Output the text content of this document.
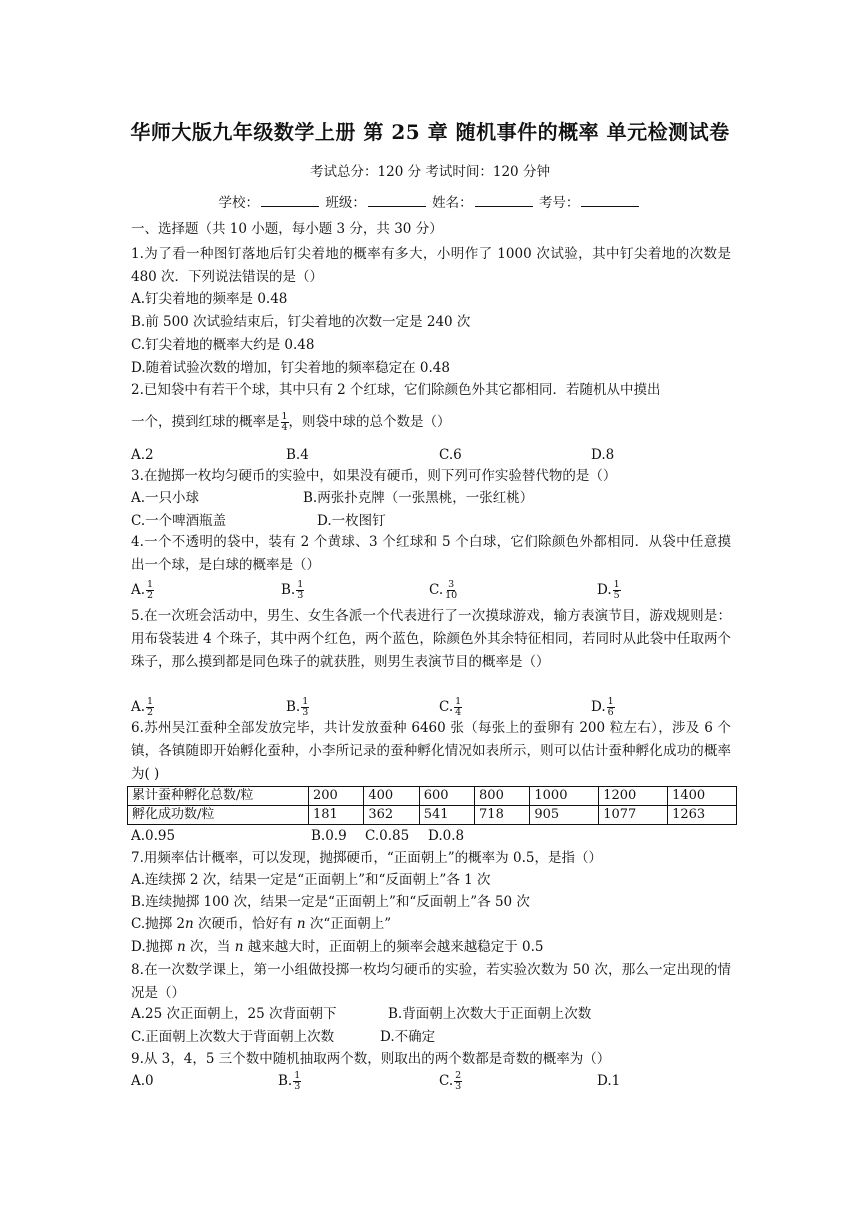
华师大版九年级数学上册 第 25 章 随机事件的概率 单元检测试卷
考试总分：120 分 考试时间：120 分钟
学校：	班级：	姓名：	考号：
一、选择题（共 10 小题，每小题 3 分，共 30 分）
1.为了看一种图钉落地后钉尖着地的概率有多大，小明作了 1000 次试验，其中钉尖着地的次数是 480 次．下列说法错误的是（）
A.钉尖着地的频率是 0.48
B.前 500 次试验结束后，钉尖着地的次数一定是 240 次
C.钉尖着地的概率大约是 0.48
D.随着试验次数的增加，钉尖着地的频率稳定在 0.48
2.已知袋中有若干个球，其中只有 2 个红球，它们除颜色外其它都相同．若随机从中摸出
一个，摸到红球的概率是 $\frac{1}{4}$ ，则袋中球的总个数是（）
A.2	B.4	C.6	D.8
3.在抛掷一枚均匀硬币的实验中，如果没有硬币，则下列可作实验替代物的是（）
A.一只小球	B.两张扑克牌（一张黑桃，一张红桃）
C.一个啤酒瓶盖	D.一枚图钉
4.一个不透明的袋中，装有 2 个黄球、3 个红球和 5 个白球，它们除颜色外都相同．从袋中任意摸出一个球，是白球的概率是（）
A. $\frac{1}{2}$	B. $\frac{1}{3}$	C. $\frac{3}{10}$	D. $\frac{1}{5}$
5.在一次班会活动中，男生、女生各派一个代表进行了一次摸球游戏，输方表演节目，游戏规则是：用布袋装进 4 个珠子，其中两个红色，两个蓝色，除颜色外其余特征相同，若同时从此袋中任取两个珠子，那么摸到都是同色珠子的就获胜，则男生表演节目的概率是（）
A. $\frac{1}{2}$	B. $\frac{1}{3}$	C. $\frac{1}{4}$	D. $\frac{1}{6}$
6.苏州吴江蚕种全部发放完毕，共计发放蚕种 6460 张（每张上的蚕卵有 200 粒左右），涉及 6 个镇，各镇随即开始孵化蚕种，小李所记录的蚕种孵化情况如表所示，则可以估计蚕种孵化成功的概率为( )
累计蚕种孵化总数/粒	200	400	600	800	1000	1200	1400
孵化成功数/粒	181	362	541	718	905	1077	1263
A.0.95	B.0.9 C.0.85 D.0.8
7.用频率估计概率，可以发现，抛掷硬币，“正面朝上”的概率为 0.5，是指（）
A.连续掷 2 次，结果一定是“正面朝上”和“反面朝上”各 1 次
B.连续抛掷 100 次，结果一定是“正面朝上”和“反面朝上”各 50 次
C.抛掷 2n 次硬币，恰好有 n 次“正面朝上”
D.抛掷 n 次，当 n 越来越大时，正面朝上的频率会越来越稳定于 0.5
8.在一次数学课上，第一小组做投掷一枚均匀硬币的实验，若实验次数为 50 次，那么一定出现的情况是（）
A.25 次正面朝上，25 次背面朝下	B.背面朝上次数大于正面朝上次数
C.正面朝上次数大于背面朝上次数	D.不确定
9.从 3，4，5 三个数中随机抽取两个数，则取出的两个数都是奇数的概率为（）
A.0	B. $\frac{1}{3}$	C. $\frac{2}{3}$	D.1
